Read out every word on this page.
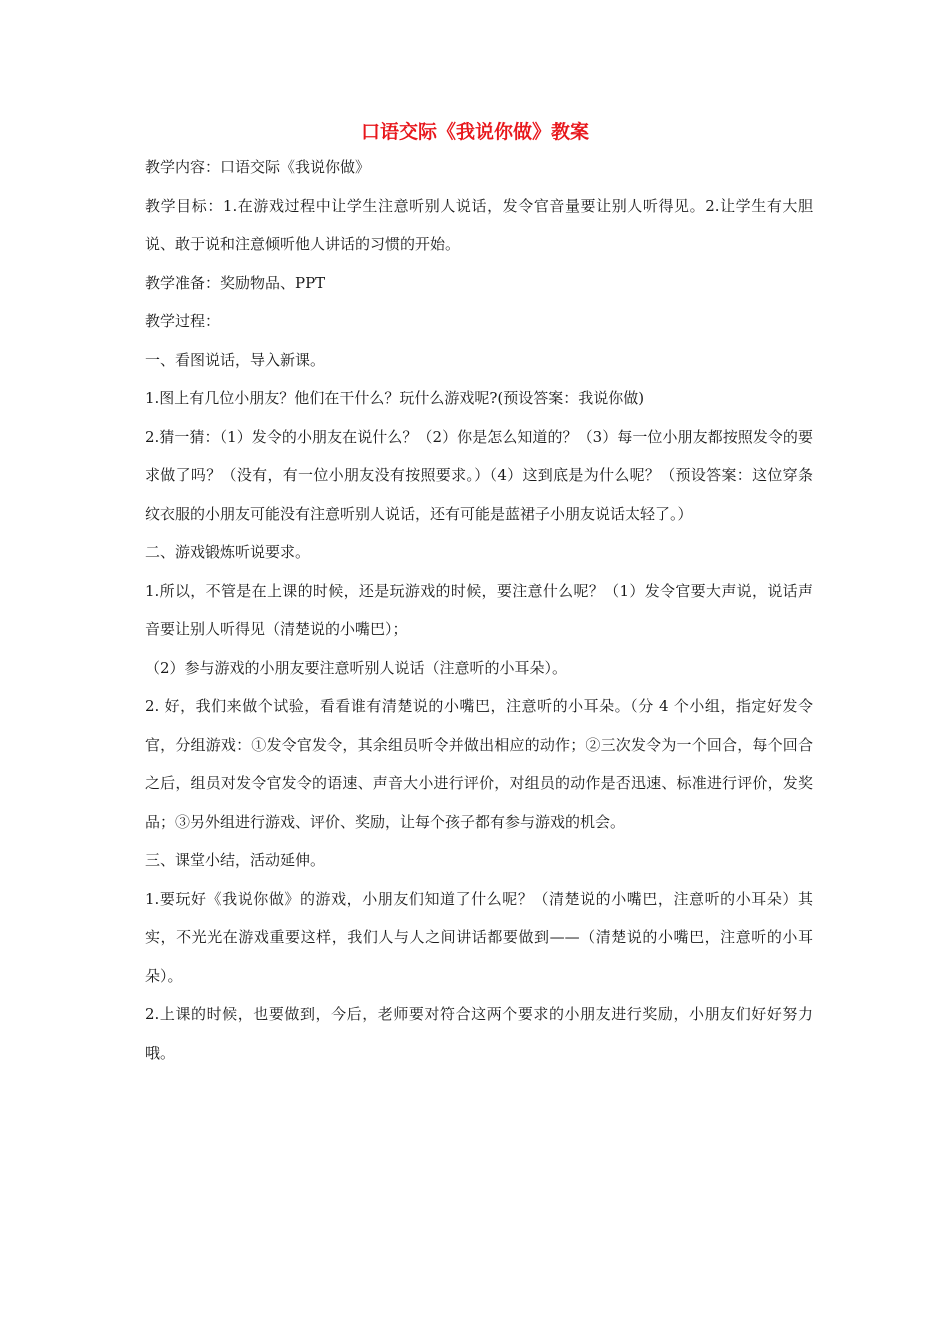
口语交际《我说你做》教案

教学内容：口语交际《我说你做》

教学目标：1.在游戏过程中让学生注意听别人说话，发令官音量要让别人听得见。2.让学生有大胆说、敢于说和注意倾听他人讲话的习惯的开始。

教学准备：奖励物品、PPT

教学过程：

一、看图说话，导入新课。

1.图上有几位小朋友？他们在干什么？玩什么游戏呢?(预设答案：我说你做)

2.猜一猜：（1）发令的小朋友在说什么？（2）你是怎么知道的？（3）每一位小朋友都按照发令的要求做了吗？（没有，有一位小朋友没有按照要求。）（4）这到底是为什么呢？（预设答案：这位穿条纹衣服的小朋友可能没有注意听别人说话，还有可能是蓝裙子小朋友说话太轻了。）

二、游戏锻炼听说要求。

1.所以，不管是在上课的时候，还是玩游戏的时候，要注意什么呢？（1）发令官要大声说，说话声音要让别人听得见（清楚说的小嘴巴）；

（2）参与游戏的小朋友要注意听别人说话（注意听的小耳朵）。

2. 好，我们来做个试验，看看谁有清楚说的小嘴巴，注意听的小耳朵。（分 4 个小组，指定好发令官，分组游戏：①发令官发令，其余组员听令并做出相应的动作；②三次发令为一个回合，每个回合之后，组员对发令官发令的语速、声音大小进行评价，对组员的动作是否迅速、标准进行评价，发奖品；③另外组进行游戏、评价、奖励，让每个孩子都有参与游戏的机会。

三、课堂小结，活动延伸。

1.要玩好《我说你做》的游戏，小朋友们知道了什么呢？（清楚说的小嘴巴，注意听的小耳朵）其实，不光光在游戏重要这样，我们人与人之间讲话都要做到——（清楚说的小嘴巴，注意听的小耳朵）。

2.上课的时候，也要做到，今后，老师要对符合这两个要求的小朋友进行奖励，小朋友们好好努力哦。
